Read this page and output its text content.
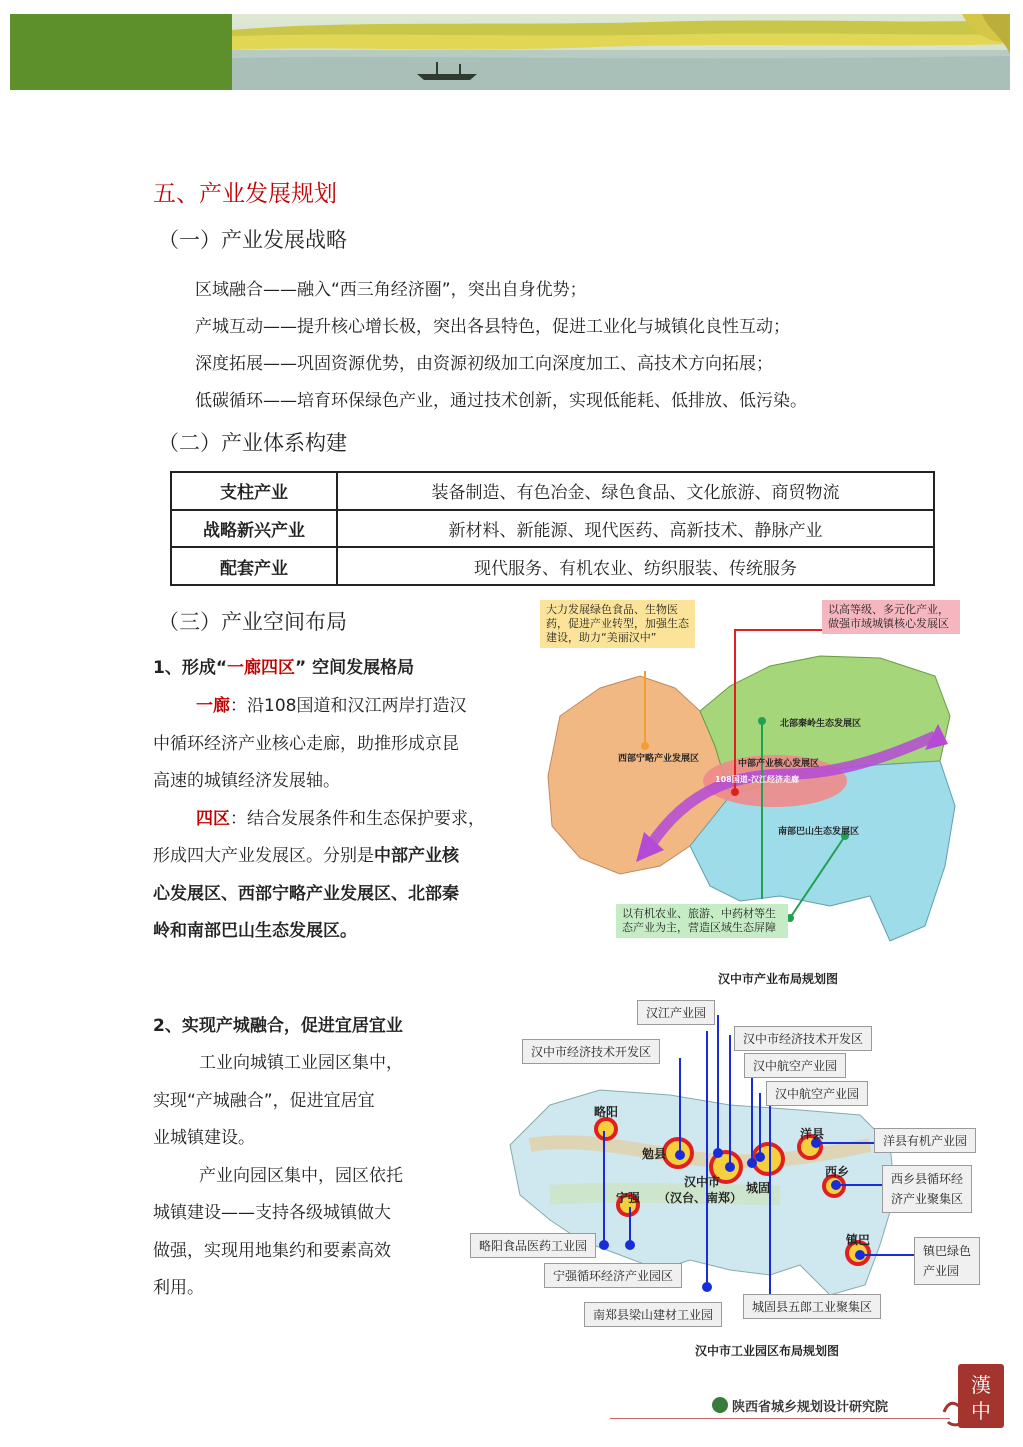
五、产业发展规划
（一）产业发展战略
区域融合——融入“西三角经济圈”，突出自身优势；
产城互动——提升核心增长极，突出各县特色，促进工业化与城镇化良性互动；
深度拓展——巩固资源优势，由资源初级加工向深度加工、高技术方向拓展；
低碳循环——培育环保绿色产业，通过技术创新，实现低能耗、低排放、低污染。
（二）产业体系构建
支柱产业	装备制造、有色冶金、绿色食品、文化旅游、商贸物流
战略新兴产业	新材料、新能源、现代医药、高新技术、静脉产业
配套产业	现代服务、有机农业、纺织服装、传统服务
（三）产业空间布局
1、形成“一廊四区” 空间发展格局
一廊：沿108国道和汉江两岸打造汉
中循环经济产业核心走廊，助推形成京昆
高速的城镇经济发展轴。
四区：结合发展条件和生态保护要求，
形成四大产业发展区。分别是中部产业核
心发展区、西部宁略产业发展区、北部秦
岭和南部巴山生态发展区。
大力发展绿色食品、生物医药，促进产业转型，加强生态建设，助力“美丽汉中”
以高等级、多元化产业，做强市域城镇核心发展区
以有机农业、旅游、中药材等生态产业为主，营造区域生态屏障
北部秦岭生态发展区
西部宁略产业发展区	中部产业核心发展区
南部巴山生态发展区
108国道-汉江经济走廊
汉中市产业布局规划图
2、实现产城融合，促进宜居宜业
工业向城镇工业园区集中，
实现“产城融合”，促进宜居宜
业城镇建设。
产业向园区集中，园区依托
城镇建设——支持各级城镇做大
做强，实现用地集约和要素高效
利用。
汉江产业园
汉中市经济技术开发区
汉中市经济技术开发区
汉中航空产业园
汉中航空产业园
洋县有机产业园
西乡县循环经
济产业聚集区
略阳食品医药工业园	镇巴绿色
产业园
宁强循环经济产业园区
城固县五郎工业聚集区
南郑县梁山建材工业园
略阳
勉县
汉中市
（汉台、南郑）
城固
洋县
西乡
宁强
镇巴
汉中市工业园区布局规划图
陕西省城乡规划设计研究院
漢
中
